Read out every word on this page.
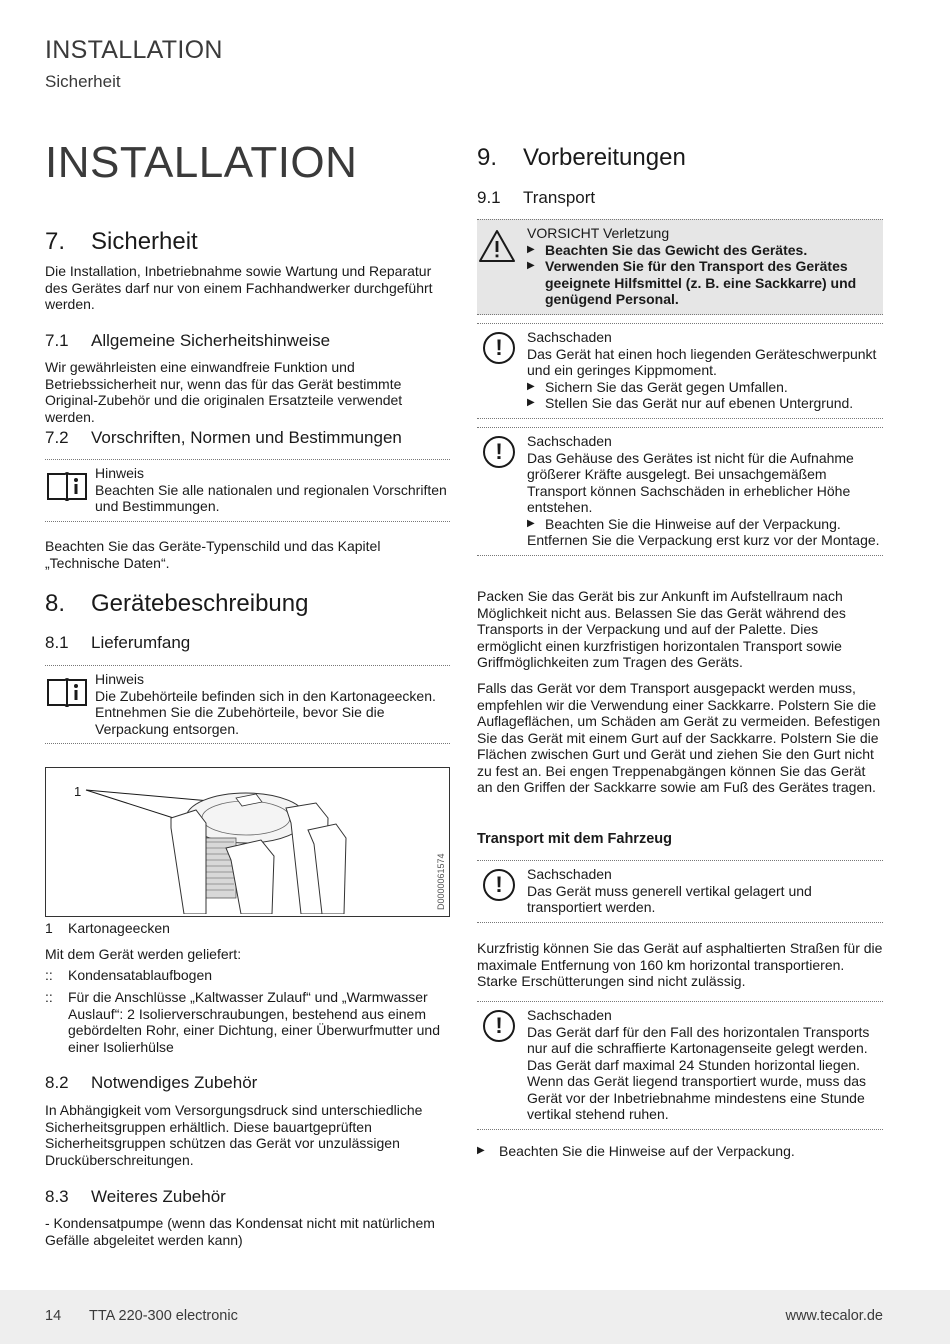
INSTALLATION
Sicherheit
INSTALLATION
7.	Sicherheit

Die Installation, Inbetriebnahme sowie Wartung und Reparatur des Gerätes darf nur von einem Fachhandwerker durchgeführt werden.

7.1	Allgemeine Sicherheitshinweise

Wir gewährleisten eine einwandfreie Funktion und Betriebssicherheit nur, wenn das für das Gerät bestimmte Original-Zubehör und die originalen Ersatzteile verwendet werden.

7.2	Vorschriften, Normen und Bestimmungen
Hinweis
Beachten Sie alle nationalen und regionalen Vorschriften und Bestimmungen.

Beachten Sie das Geräte-Typenschild und das Kapitel „Technische Daten“.

8.	Gerätebeschreibung
8.1	Lieferumfang
Hinweis
Die Zubehörteile befinden sich in den Kartonageecken. Entnehmen Sie die Zubehörteile, bevor Sie die Verpackung entsorgen.
1
D0000061574
1	Kartonageecken

Mit dem Gerät werden geliefert:

::	Kondensatablaufbogen
::	Für die Anschlüsse „Kaltwasser Zulauf“ und „Warmwasser Auslauf“: 2 Isolierverschraubungen, bestehend aus einem gebördelten Rohr, einer Dichtung, einer Überwurfmutter und einer Isolierhülse
8.2	Notwendiges Zubehör

In Abhängigkeit vom Versorgungsdruck sind unterschiedliche Sicherheitsgruppen erhältlich. Diese bauartgeprüften Sicherheitsgruppen schützen das Gerät vor unzulässigen Drucküberschreitungen.

8.3	Weiteres Zubehör

- Kondensatpumpe (wenn das Kondensat nicht mit natürlichem Gefälle abgeleitet werden kann)

9.	Vorbereitungen
9.1	Transport
VORSICHT Verletzung
▶ Beachten Sie das Gewicht des Gerätes.
▶ Verwenden Sie für den Transport des Gerätes geeignete Hilfsmittel (z. B. eine Sackkarre) und genügend Personal.
!	Sachschaden
Das Gerät hat einen hoch liegenden Geräteschwerpunkt und ein geringes Kippmoment.
▶ Sichern Sie das Gerät gegen Umfallen.
▶ Stellen Sie das Gerät nur auf ebenen Untergrund.
!	Sachschaden
Das Gehäuse des Gerätes ist nicht für die Aufnahme größerer Kräfte ausgelegt. Bei unsachgemäßem Transport können Sachschäden in erheblicher Höhe entstehen.
▶ Beachten Sie die Hinweise auf der Verpackung.
Entfernen Sie die Verpackung erst kurz vor der Montage.

Packen Sie das Gerät bis zur Ankunft im Aufstellraum nach Möglichkeit nicht aus. Belassen Sie das Gerät während des Transports in der Verpackung und auf der Palette. Dies ermöglicht einen kurzfristigen horizontalen Transport sowie Griffmöglichkeiten zum Tragen des Geräts.

Falls das Gerät vor dem Transport ausgepackt werden muss, empfehlen wir die Verwendung einer Sackkarre. Polstern Sie die Auflageflächen, um Schäden am Gerät zu vermeiden. Befestigen Sie das Gerät mit einem Gurt auf der Sackkarre. Polstern Sie die Flächen zwischen Gurt und Gerät und ziehen Sie den Gurt nicht zu fest an. Bei engen Treppenabgängen können Sie das Gerät an den Griffen der Sackkarre sowie am Fuß des Gerätes tragen.

Transport mit dem Fahrzeug
!	Sachschaden
Das Gerät muss generell vertikal gelagert und transportiert werden.

Kurzfristig können Sie das Gerät auf asphaltierten Straßen für die maximale Entfernung von 160 km horizontal transportieren. Starke Erschütterungen sind nicht zulässig.

!	Sachschaden
Das Gerät darf für den Fall des horizontalen Transports nur auf die schraffierte Kartonagenseite gelegt werden. Das Gerät darf maximal 24 Stunden horizontal liegen. Wenn das Gerät liegend transportiert wurde, muss das Gerät vor der Inbetriebnahme mindestens eine Stunde vertikal stehend ruhen.
▶	Beachten Sie die Hinweise auf der Verpackung.
14 TTA 220-300 electronic	www.tecalor.de
